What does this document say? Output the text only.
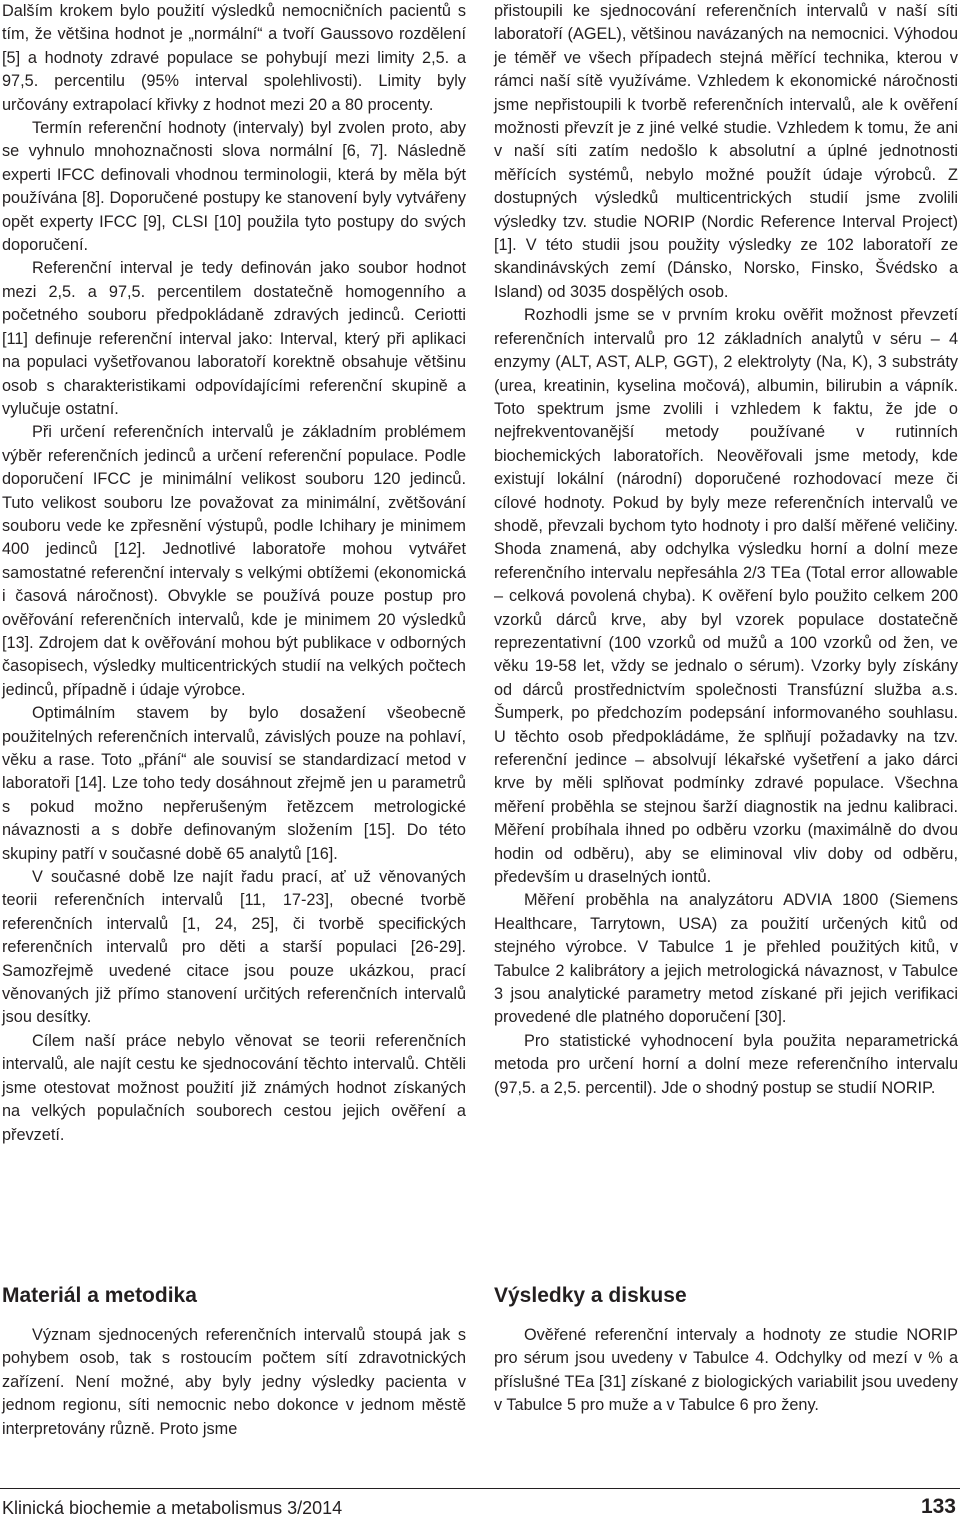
Dalším krokem bylo použití výsledků nemocničních pacientů s tím, že většina hodnot je „normální“ a tvoří Gaussovo rozdělení [5] a hodnoty zdravé populace se pohybují mezi limity 2,5. a 97,5. percentilu (95% interval spolehlivosti). Limity byly určovány extrapolací křivky z hodnot mezi 20 a 80 procenty.

Termín referenční hodnoty (intervaly) byl zvolen proto, aby se vyhnulo mnohoznačnosti slova normální [6, 7]. Následně experti IFCC definovali vhodnou terminologii, která by měla být používána [8]. Doporučené postupy ke stanovení byly vytvářeny opět experty IFCC [9], CLSI [10] použila tyto postupy do svých doporučení.

Referenční interval je tedy definován jako soubor hodnot mezi 2,5. a 97,5. percentilem dostatečně homogenního a početného souboru předpokládaně zdravých jedinců. Ceriotti [11] definuje referenční interval jako: Interval, který při aplikaci na populaci vyšetřovanou laboratoří korektně obsahuje většinu osob s charakteristikami odpovídajícími referenční skupině a vylučuje ostatní.

Při určení referenčních intervalů je základním problémem výběr referenčních jedinců a určení referenční populace. Podle doporučení IFCC je minimální velikost souboru 120 jedinců. Tuto velikost souboru lze považovat za minimální, zvětšování souboru vede ke zpřesnění výstupů, podle Ichihary je minimem 400 jedinců [12]. Jednotlivé laboratoře mohou vytvářet samostatné referenční intervaly s velkými obtížemi (ekonomická i časová náročnost). Obvykle se používá pouze postup pro ověřování referenčních intervalů, kde je minimem 20 výsledků [13]. Zdrojem dat k ověřování mohou být publikace v odborných časopisech, výsledky multicentrických studií na velkých počtech jedinců, případně i údaje výrobce.

Optimálním stavem by bylo dosažení všeobecně použitelných referenčních intervalů, závislých pouze na pohlaví, věku a rase. Toto „přání“ ale souvisí se standardizací metod v laboratoři [14]. Lze toho tedy dosáhnout zřejmě jen u parametrů s pokud možno nepřerušeným řetězcem metrologické návaznosti a s dobře definovaným složením [15]. Do této skupiny patří v současné době 65 analytů [16].

V současné době lze najít řadu prací, ať už věnovaných teorii referenčních intervalů [11, 17-23], obecné tvorbě referenčních intervalů [1, 24, 25], či tvorbě specifických referenčních intervalů pro děti a starší populaci [26-29]. Samozřejmě uvedené citace jsou pouze ukázkou, prací věnovaných již přímo stanovení určitých referenčních intervalů jsou desítky.

Cílem naší práce nebylo věnovat se teorii referenčních intervalů, ale najít cestu ke sjednocování těchto intervalů. Chtěli jsme otestovat možnost použití již známých hodnot získaných na velkých populačních souborech cestou jejich ověření a převzetí.

přistoupili ke sjednocování referenčních intervalů v naší síti laboratoří (AGEL), většinou navázaných na nemocnici. Výhodou je téměř ve všech případech stejná měřící technika, kterou v rámci naší sítě využíváme. Vzhledem k ekonomické náročnosti jsme nepřistoupili k tvorbě referenčních intervalů, ale k ověření možnosti převzít je z jiné velké studie. Vzhledem k tomu, že ani v naší síti zatím nedošlo k absolutní a úplné jednotnosti měřících systémů, nebylo možné použít údaje výrobců. Z dostupných výsledků multicentrických studií jsme zvolili výsledky tzv. studie NORIP (Nordic Reference Interval Project) [1]. V této studii jsou použity výsledky ze 102 laboratoří ze skandinávských zemí (Dánsko, Norsko, Finsko, Švédsko a Island) od 3035 dospělých osob.

Rozhodli jsme se v prvním kroku ověřit možnost převzetí referenčních intervalů pro 12 základních analytů v séru – 4 enzymy (ALT, AST, ALP, GGT), 2 elektrolyty (Na, K), 3 substráty (urea, kreatinin, kyselina močová), albumin, bilirubin a vápník. Toto spektrum jsme zvolili i vzhledem k faktu, že jde o nejfrekventovanější metody používané v rutinních biochemických laboratořích. Neověřovali jsme metody, kde existují lokální (národní) doporučené rozhodovací meze či cílové hodnoty. Pokud by byly meze referenčních intervalů ve shodě, převzali bychom tyto hodnoty i pro další měřené veličiny. Shoda znamená, aby odchylka výsledku horní a dolní meze referenčního intervalu nepřesáhla 2/3 TEa (Total error allowable – celková povolená chyba). K ověření bylo použito celkem 200 vzorků dárců krve, aby byl vzorek populace dostatečně reprezentativní (100 vzorků od mužů a 100 vzorků od žen, ve věku 19-58 let, vždy se jednalo o sérum). Vzorky byly získány od dárců prostřednictvím společnosti Transfúzní služba a.s. Šumperk, po předchozím podepsání informovaného souhlasu. U těchto osob předpokládáme, že splňují požadavky na tzv. referenční jedince – absolvují lékařské vyšetření a jako dárci krve by měli splňovat podmínky zdravé populace. Všechna měření proběhla se stejnou šarží diagnostik na jednu kalibraci. Měření probíhala ihned po odběru vzorku (maximálně do dvou hodin od odběru), aby se eliminoval vliv doby od odběru, především u draselných iontů.

Měření proběhla na analyzátoru ADVIA 1800 (Siemens Healthcare, Tarrytown, USA) za použití určených kitů od stejného výrobce. V Tabulce 1 je přehled použitých kitů, v Tabulce 2 kalibrátory a jejich metrologická návaznost, v Tabulce 3 jsou analytické parametry metod získané při jejich verifikaci provedené dle platného doporučení [30].

Pro statistické vyhodnocení byla použita neparametrická metoda pro určení horní a dolní meze referenčního intervalu (97,5. a 2,5. percentil). Jde o shodný postup se studií NORIP.

Materiál a metodika

Význam sjednocených referenčních intervalů stoupá jak s pohybem osob, tak s rostoucím počtem sítí zdravotnických zařízení. Není možné, aby byly jedny výsledky pacienta v jednom regionu, síti nemocnic nebo dokonce v jednom městě interpretovány různě. Proto jsme

Výsledky a diskuse

Ověřené referenční intervaly a hodnoty ze studie NORIP pro sérum jsou uvedeny v Tabulce 4. Odchylky od mezí v % a příslušné TEa [31] získané z biologických variabilit jsou uvedeny v Tabulce 5 pro muže a v Tabulce 6 pro ženy.

Klinická biochemie a metabolismus 3/2014	133
